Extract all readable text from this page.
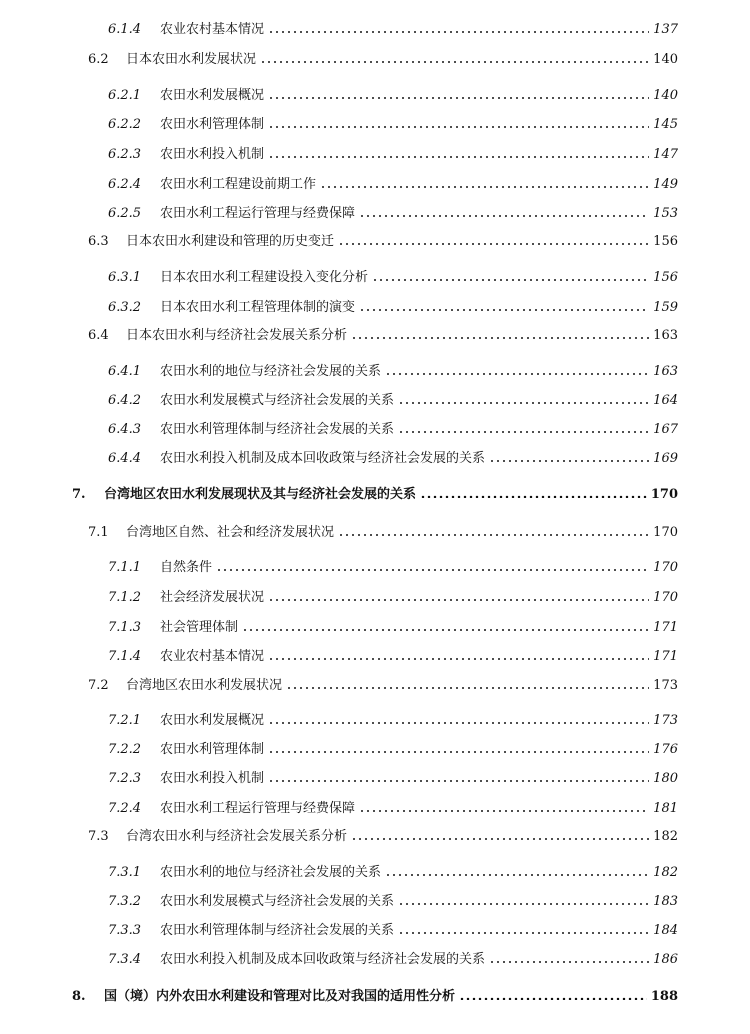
6.1.4	农业农村基本情况	137
6.2	日本农田水利发展状况	140
6.2.1	农田水利发展概况	140
6.2.2	农田水利管理体制	145
6.2.3	农田水利投入机制	147
6.2.4	农田水利工程建设前期工作	149
6.2.5	农田水利工程运行管理与经费保障	153
6.3	日本农田水利建设和管理的历史变迁	156
6.3.1	日本农田水利工程建设投入变化分析	156
6.3.2	日本农田水利工程管理体制的演变	159
6.4	日本农田水利与经济社会发展关系分析	163
6.4.1	农田水利的地位与经济社会发展的关系	163
6.4.2	农田水利发展模式与经济社会发展的关系	164
6.4.3	农田水利管理体制与经济社会发展的关系	167
6.4.4	农田水利投入机制及成本回收政策与经济社会发展的关系	169
7.	台湾地区农田水利发展现状及其与经济社会发展的关系	170
7.1	台湾地区自然、社会和经济发展状况	170
7.1.1	自然条件	170
7.1.2	社会经济发展状况	170
7.1.3	社会管理体制	171
7.1.4	农业农村基本情况	171
7.2	台湾地区农田水利发展状况	173
7.2.1	农田水利发展概况	173
7.2.2	农田水利管理体制	176
7.2.3	农田水利投入机制	180
7.2.4	农田水利工程运行管理与经费保障	181
7.3	台湾农田水利与经济社会发展关系分析	182
7.3.1	农田水利的地位与经济社会发展的关系	182
7.3.2	农田水利发展模式与经济社会发展的关系	183
7.3.3	农田水利管理体制与经济社会发展的关系	184
7.3.4	农田水利投入机制及成本回收政策与经济社会发展的关系	186
8.	国（境）内外农田水利建设和管理对比及对我国的适用性分析	188
